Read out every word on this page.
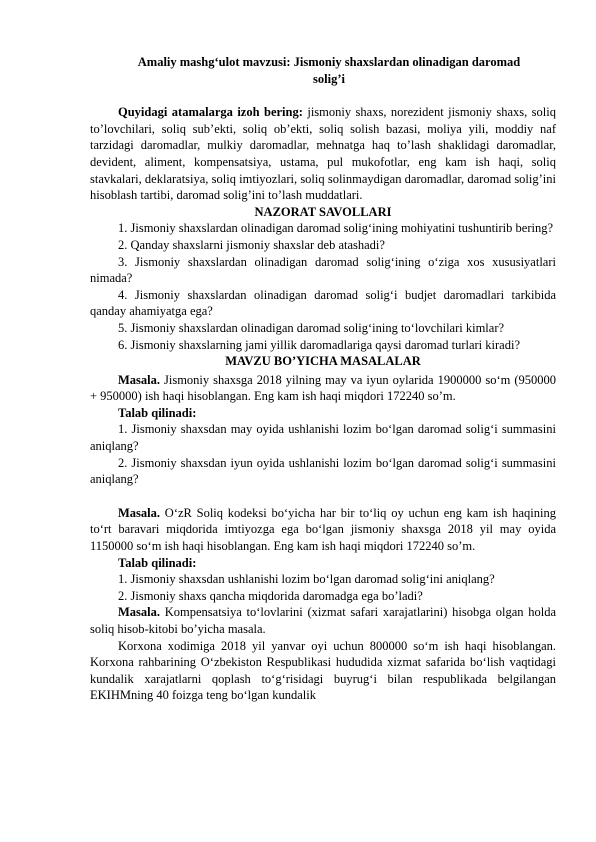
Amaliy mashg‘ulot mavzusi: Jismoniy shaxslardan olinadigan daromad
solig’i

Quyidagi atamalarga izoh bering: jismoniy shaxs, norezident jismoniy shaxs, soliq to’lovchilari, soliq sub’ekti, soliq ob’ekti, soliq solish bazasi, moliya yili, moddiy naf tarzidagi daromadlar, mulkiy daromadlar, mehnatga haq to’lash shaklidagi daromadlar, devident, aliment, kompensatsiya, ustama, pul mukofotlar, eng kam ish haqi, soliq stavkalari, deklaratsiya, soliq imtiyozlari, soliq solinmaydigan daromadlar, daromad solig’ini hisoblash tartibi, daromad solig’ini to’lash muddatlari.

NAZORAT SAVOLLARI

1. Jismoniy shaxslardan olinadigan daromad solig‘ining mohiyatini tushuntirib bering?

2. Qanday shaxslarni jismoniy shaxslar deb atashadi?

3. Jismoniy shaxslardan olinadigan daromad solig‘ining o‘ziga xos xususiyatlari nimada?

4. Jismoniy shaxslardan olinadigan daromad solig‘i budjet daromadlari tarkibida qanday ahamiyatga ega?

5. Jismoniy shaxslardan olinadigan daromad solig‘ining to‘lovchilari kimlar?

6. Jismoniy shaxslarning jami yillik daromadlariga qaysi daromad turlari kiradi?

MAVZU BO’YICHA MASALALAR

Masala. Jismoniy shaxsga 2018 yilning may va iyun oylarida 1900000 so‘m (950000 + 950000) ish haqi hisoblangan. Eng kam ish haqi miqdori 172240 so’m.

Talab qilinadi:

1. Jismoniy shaxsdan may oyida ushlanishi lozim bo‘lgan daromad solig‘i summasini aniqlang?

2. Jismoniy shaxsdan iyun oyida ushlanishi lozim bo‘lgan daromad solig‘i summasini aniqlang?

Masala. O‘zR Soliq kodeksi bo‘yicha har bir to‘liq oy uchun eng kam ish haqining to‘rt baravari miqdorida imtiyozga ega bo‘lgan jismoniy shaxsga 2018 yil may oyida 1150000 so‘m ish haqi hisoblangan. Eng kam ish haqi miqdori 172240 so’m.

Talab qilinadi:

1. Jismoniy shaxsdan ushlanishi lozim bo‘lgan daromad solig‘ini aniqlang?

2. Jismoniy shaxs qancha miqdorida daromadga ega bo’ladi?

Masala. Kompensatsiya to‘lovlarini (xizmat safari xarajatlarini) hisobga olgan holda soliq hisob-kitobi bo’yicha masala.

Korxona xodimiga 2018 yil yanvar oyi uchun 800000 so‘m ish haqi hisoblangan. Korxona rahbarining O‘zbekiston Respublikasi hududida xizmat safarida bo‘lish vaqtidagi kundalik xarajatlarni qoplash to‘g‘risidagi buyrug‘i bilan respublikada belgilangan EKIHMning 40 foizga teng bo‘lgan kundalik
